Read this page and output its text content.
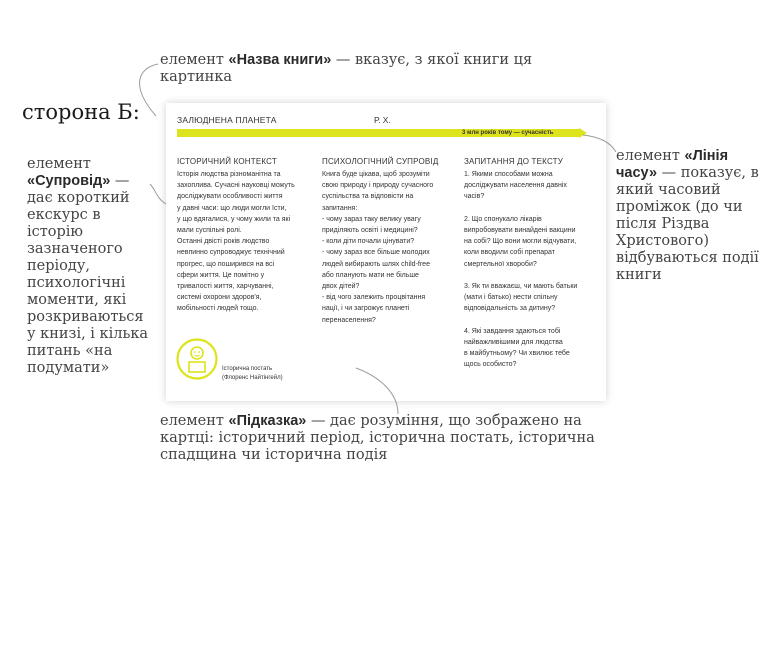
сторона Б:
елемент «Назва книги» — вказує, з якої книги ця картинка
елемент «Супровід» — дає короткий екскурс в історію зазначеного періоду, психологічні моменти, які розкриваються у книзі, і кілька питань «на подумати»
елемент «Лінія часу» — показує, в який часовий проміжок (до чи після Різдва Христового) відбуваються події книги
елемент «Підказка» — дає розуміння, що зображено на картці: історичний період, історична постать, історична спадщина чи історична подія
ЗАЛЮДНЕНА ПЛАНЕТА	Р. Х.
3 млн років тому — сучасність
ІСТОРИЧНИЙ КОНТЕКСТ
Історія людства різноманітна та
захоплива. Сучасні науковці можуть
досліджувати особливості життя
у давні часи: що люди могли їсти,
у що вдягалися, у чому жили та які
мали суспільні ролі.
Останні двісті років людство
невпинно супроводжує технічний
прогрес, що поширився на всі
сфери життя. Це помітно у
тривалості життя, харчуванні,
системі охорони здоров'я,
мобільності людей тощо.
ПСИХОЛОГІЧНИЙ СУПРОВІД
Книга буде цікава, щоб зрозуміти
свою природу і природу сучасного
суспільства та відповісти на
запитання:
- чому зараз таку велику увагу
приділяють освіті і медицині?
- коли діти почали цінувати?
- чому зараз все більше молодих
людей вибирають шлях child-free
або планують мати не більше
двох дітей?
- від чого залежить процвітання
нації, і чи загрожує планеті
перенаселення?
ЗАПИТАННЯ ДО ТЕКСТУ
1. Якими способами можна
досліджувати населення давніх
часів?

2. Що спонукало лікарів
випробовувати винайдені вакцини
на собі? Що вони могли відчувати,
коли вводили собі препарат
смертельної хвороби?

3. Як ти вважаєш, чи мають батьки
(мати і батько) нести спільну
відповідальність за дитину?

4. Які завдання здаються тобі
найважливішими для людства
в майбутньому? Чи хвилює тебе
щось особисто?
Історична постать
(Флоренс Найтінгейл)
